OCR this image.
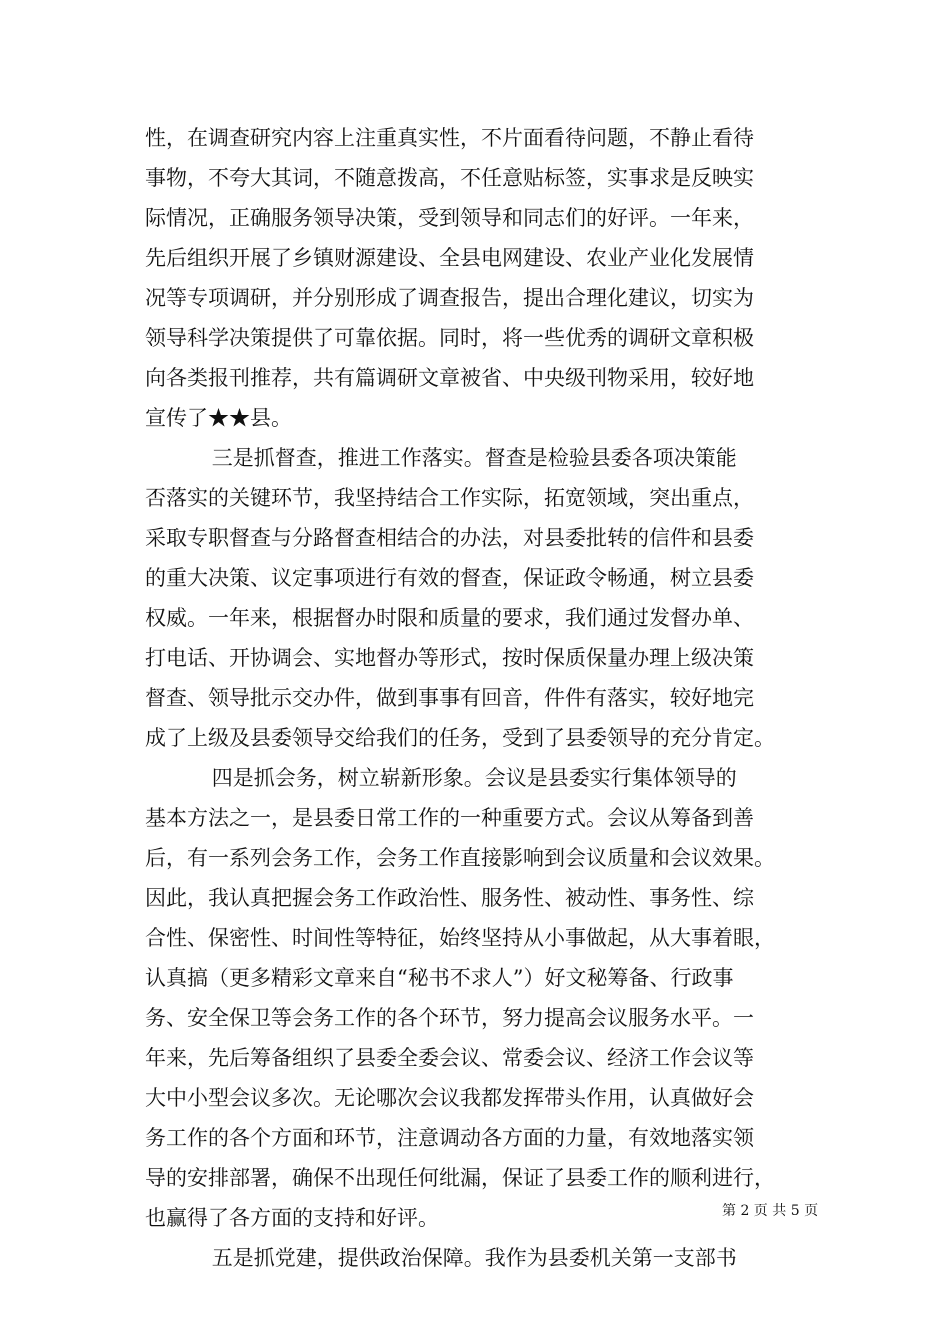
性，在调查研究内容上注重真实性，不片面看待问题，不静止看待
事物，不夸大其词，不随意拨高，不任意贴标签，实事求是反映实
际情况，正确服务领导决策，受到领导和同志们的好评。一年来，
先后组织开展了乡镇财源建设、全县电网建设、农业产业化发展情
况等专项调研，并分别形成了调查报告，提出合理化建议，切实为
领导科学决策提供了可靠依据。同时，将一些优秀的调研文章积极
向各类报刊推荐，共有篇调研文章被省、中央级刊物采用，较好地
宣传了★★县。
三是抓督查，推进工作落实。督查是检验县委各项决策能
否落实的关键环节，我坚持结合工作实际，拓宽领域，突出重点，
采取专职督查与分路督查相结合的办法，对县委批转的信件和县委
的重大决策、议定事项进行有效的督查，保证政令畅通，树立县委
权威。一年来，根据督办时限和质量的要求，我们通过发督办单、
打电话、开协调会、实地督办等形式，按时保质保量办理上级决策
督查、领导批示交办件，做到事事有回音，件件有落实，较好地完
成了上级及县委领导交给我们的任务，受到了县委领导的充分肯定。
四是抓会务，树立崭新形象。会议是县委实行集体领导的
基本方法之一，是县委日常工作的一种重要方式。会议从筹备到善
后，有一系列会务工作，会务工作直接影响到会议质量和会议效果。
因此，我认真把握会务工作政治性、服务性、被动性、事务性、综
合性、保密性、时间性等特征，始终坚持从小事做起，从大事着眼，
认真搞（更多精彩文章来自“秘书不求人”）好文秘筹备、行政事
务、安全保卫等会务工作的各个环节，努力提高会议服务水平。一
年来，先后筹备组织了县委全委会议、常委会议、经济工作会议等
大中小型会议多次。无论哪次会议我都发挥带头作用，认真做好会
务工作的各个方面和环节，注意调动各方面的力量，有效地落实领
导的安排部署，确保不出现任何纰漏，保证了县委工作的顺利进行，
也赢得了各方面的支持和好评。
五是抓党建，提供政治保障。我作为县委机关第一支部书
第 2 页 共 5 页
